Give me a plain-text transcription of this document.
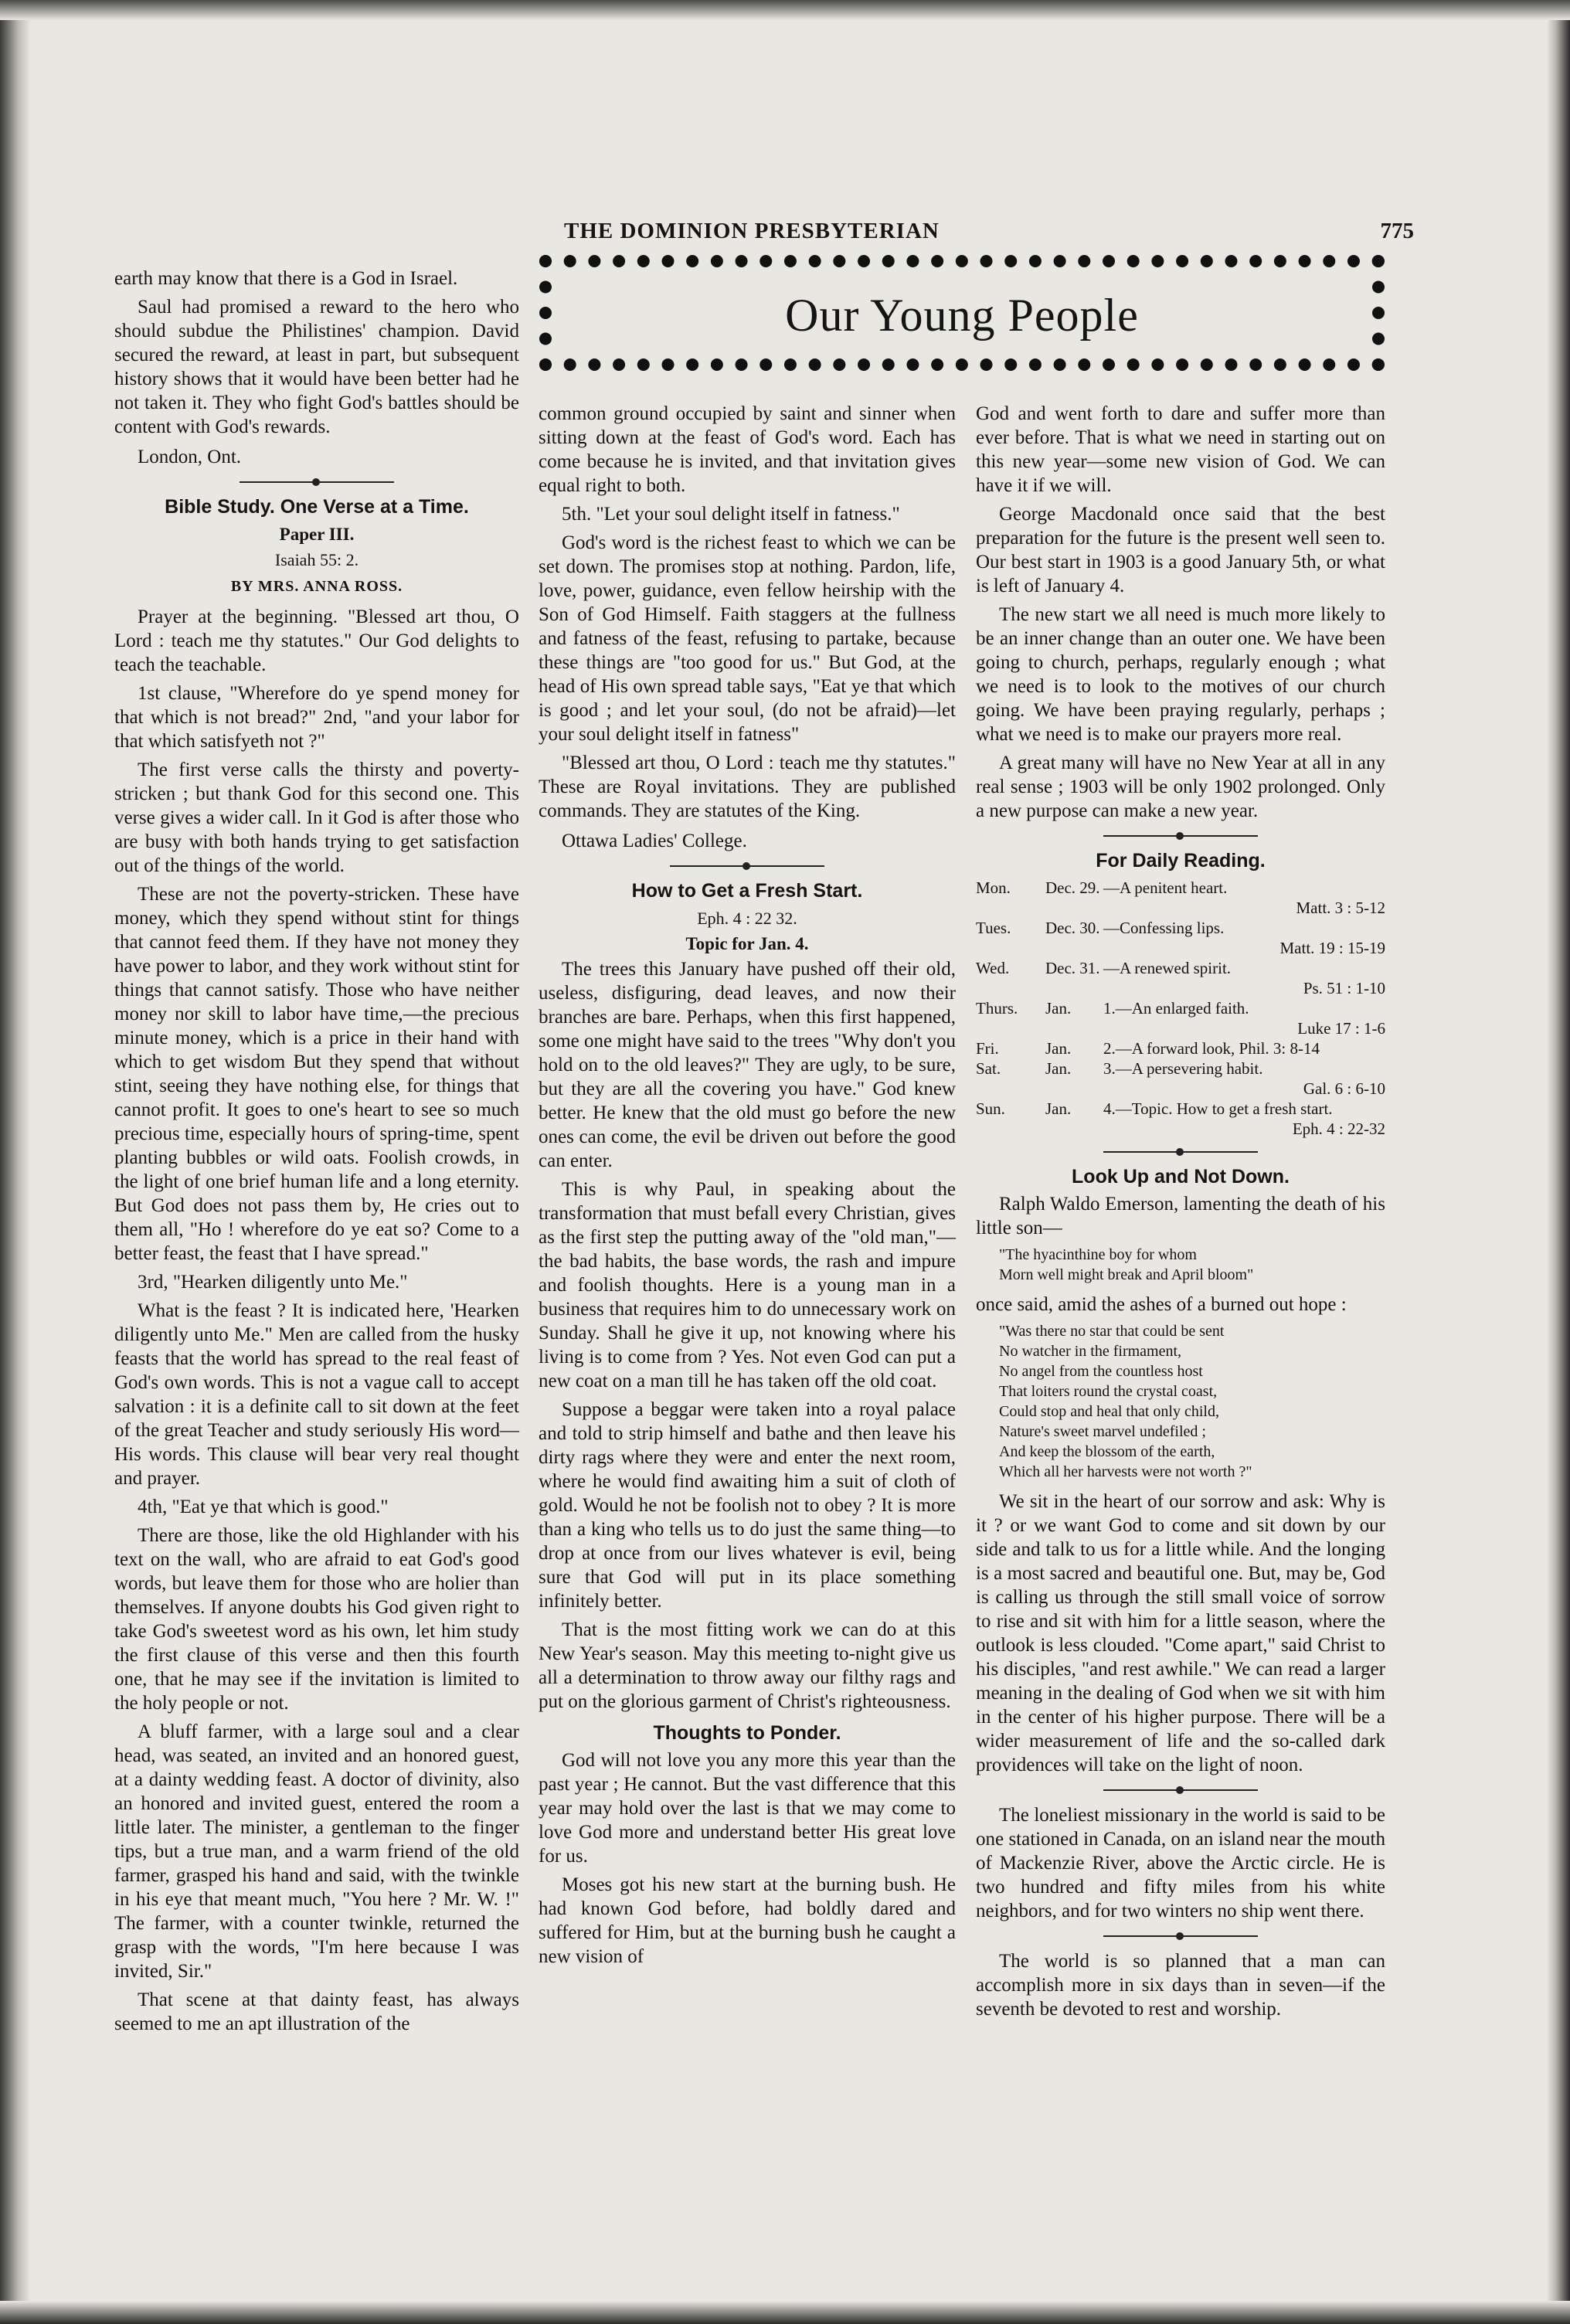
THE DOMINION PRESBYTERIAN	775
Our Young People

earth may know that there is a God in Israel.

Saul had promised a reward to the hero who should subdue the Philistines' champion. David secured the reward, at least in part, but subsequent history shows that it would have been better had he not taken it. They who fight God's battles should be content with God's rewards.

London, Ont.

Bible Study. One Verse at a Time.
Paper III.
Isaiah 55: 2.
BY MRS. ANNA ROSS.

Prayer at the beginning. "Blessed art thou, O Lord : teach me thy statutes." Our God delights to teach the teachable.

1st clause, "Wherefore do ye spend money for that which is not bread?" 2nd, "and your labor for that which satisfyeth not ?"

The first verse calls the thirsty and poverty-stricken ; but thank God for this second one. This verse gives a wider call. In it God is after those who are busy with both hands trying to get satisfaction out of the things of the world.

These are not the poverty-stricken. These have money, which they spend without stint for things that cannot feed them. If they have not money they have power to labor, and they work without stint for things that cannot satisfy. Those who have neither money nor skill to labor have time,—the precious minute money, which is a price in their hand with which to get wisdom But they spend that without stint, seeing they have nothing else, for things that cannot profit. It goes to one's heart to see so much precious time, especially hours of spring-time, spent planting bubbles or wild oats. Foolish crowds, in the light of one brief human life and a long eternity. But God does not pass them by, He cries out to them all, "Ho ! wherefore do ye eat so? Come to a better feast, the feast that I have spread."

3rd, "Hearken diligently unto Me."

What is the feast ? It is indicated here, 'Hearken diligently unto Me." Men are called from the husky feasts that the world has spread to the real feast of God's own words. This is not a vague call to accept salvation : it is a definite call to sit down at the feet of the great Teacher and study seriously His word—His words. This clause will bear very real thought and prayer.

4th, "Eat ye that which is good."

There are those, like the old Highlander with his text on the wall, who are afraid to eat God's good words, but leave them for those who are holier than themselves. If anyone doubts his God given right to take God's sweetest word as his own, let him study the first clause of this verse and then this fourth one, that he may see if the invitation is limited to the holy people or not.

A bluff farmer, with a large soul and a clear head, was seated, an invited and an honored guest, at a dainty wedding feast. A doctor of divinity, also an honored and invited guest, entered the room a little later. The minister, a gentleman to the finger tips, but a true man, and a warm friend of the old farmer, grasped his hand and said, with the twinkle in his eye that meant much, "You here ? Mr. W. !" The farmer, with a counter twinkle, returned the grasp with the words, "I'm here because I was invited, Sir."

That scene at that dainty feast, has always seemed to me an apt illustration of the

common ground occupied by saint and sinner when sitting down at the feast of God's word. Each has come because he is invited, and that invitation gives equal right to both.

5th. "Let your soul delight itself in fatness."

God's word is the richest feast to which we can be set down. The promises stop at nothing. Pardon, life, love, power, guidance, even fellow heirship with the Son of God Himself. Faith staggers at the fullness and fatness of the feast, refusing to partake, because these things are "too good for us." But God, at the head of His own spread table says, "Eat ye that which is good ; and let your soul, (do not be afraid)—let your soul delight itself in fatness"

"Blessed art thou, O Lord : teach me thy statutes." These are Royal invitations. They are published commands. They are statutes of the King.

Ottawa Ladies' College.

How to Get a Fresh Start.
Eph. 4 : 22 32.
Topic for Jan. 4.

The trees this January have pushed off their old, useless, disfiguring, dead leaves, and now their branches are bare. Perhaps, when this first happened, some one might have said to the trees "Why don't you hold on to the old leaves?" They are ugly, to be sure, but they are all the covering you have." God knew better. He knew that the old must go before the new ones can come, the evil be driven out before the good can enter.

This is why Paul, in speaking about the transformation that must befall every Christian, gives as the first step the putting away of the "old man,"—the bad habits, the base words, the rash and impure and foolish thoughts. Here is a young man in a business that requires him to do unnecessary work on Sunday. Shall he give it up, not knowing where his living is to come from ? Yes. Not even God can put a new coat on a man till he has taken off the old coat.

Suppose a beggar were taken into a royal palace and told to strip himself and bathe and then leave his dirty rags where they were and enter the next room, where he would find awaiting him a suit of cloth of gold. Would he not be foolish not to obey ? It is more than a king who tells us to do just the same thing—to drop at once from our lives whatever is evil, being sure that God will put in its place something infinitely better.

That is the most fitting work we can do at this New Year's season. May this meeting to-night give us all a determination to throw away our filthy rags and put on the glorious garment of Christ's righteousness.

Thoughts to Ponder.

God will not love you any more this year than the past year ; He cannot. But the vast difference that this year may hold over the last is that we may come to love God more and understand better His great love for us.

Moses got his new start at the burning bush. He had known God before, had boldly dared and suffered for Him, but at the burning bush he caught a new vision of

God and went forth to dare and suffer more than ever before. That is what we need in starting out on this new year—some new vision of God. We can have it if we will.

George Macdonald once said that the best preparation for the future is the present well seen to. Our best start in 1903 is a good January 5th, or what is left of January 4.

The new start we all need is much more likely to be an inner change than an outer one. We have been going to church, perhaps, regularly enough ; what we need is to look to the motives of our church going. We have been praying regularly, perhaps ; what we need is to make our prayers more real.

A great many will have no New Year at all in any real sense ; 1903 will be only 1902 prolonged. Only a new purpose can make a new year.

For Daily Reading.
Mon.	Dec. 29.	—A penitent heart.
Matt. 3 : 5-12		
Tues.	Dec. 30.	—Confessing lips.
Matt. 19 : 15-19		
Wed.	Dec. 31.	—A renewed spirit.
Ps. 51 : 1-10		
Thurs.	Jan.	1.—An enlarged faith.
Luke 17 : 1-6		
Fri.	Jan.	2.—A forward look, Phil. 3: 8-14

Sat.	Jan.	3.—A persevering habit.
Gal. 6 : 6-10		
Sun.	Jan.	4.—Topic. How to get a fresh start.
Eph. 4 : 22-32		
Look Up and Not Down.

Ralph Waldo Emerson, lamenting the death of his little son—

"The hyacinthine boy for whom
Morn well might break and April bloom"

once said, amid the ashes of a burned out hope :

"Was there no star that could be sent
No watcher in the firmament,
No angel from the countless host
That loiters round the crystal coast,
Could stop and heal that only child,
Nature's sweet marvel undefiled ;
And keep the blossom of the earth,
Which all her harvests were not worth ?"

We sit in the heart of our sorrow and ask: Why is it ? or we want God to come and sit down by our side and talk to us for a little while. And the longing is a most sacred and beautiful one. But, may be, God is calling us through the still small voice of sorrow to rise and sit with him for a little season, where the outlook is less clouded. "Come apart," said Christ to his disciples, "and rest awhile." We can read a larger meaning in the dealing of God when we sit with him in the center of his higher purpose. There will be a wider measurement of life and the so-called dark providences will take on the light of noon.

The loneliest missionary in the world is said to be one stationed in Canada, on an island near the mouth of Mackenzie River, above the Arctic circle. He is two hundred and fifty miles from his white neighbors, and for two winters no ship went there.

The world is so planned that a man can accomplish more in six days than in seven—if the seventh be devoted to rest and worship.
